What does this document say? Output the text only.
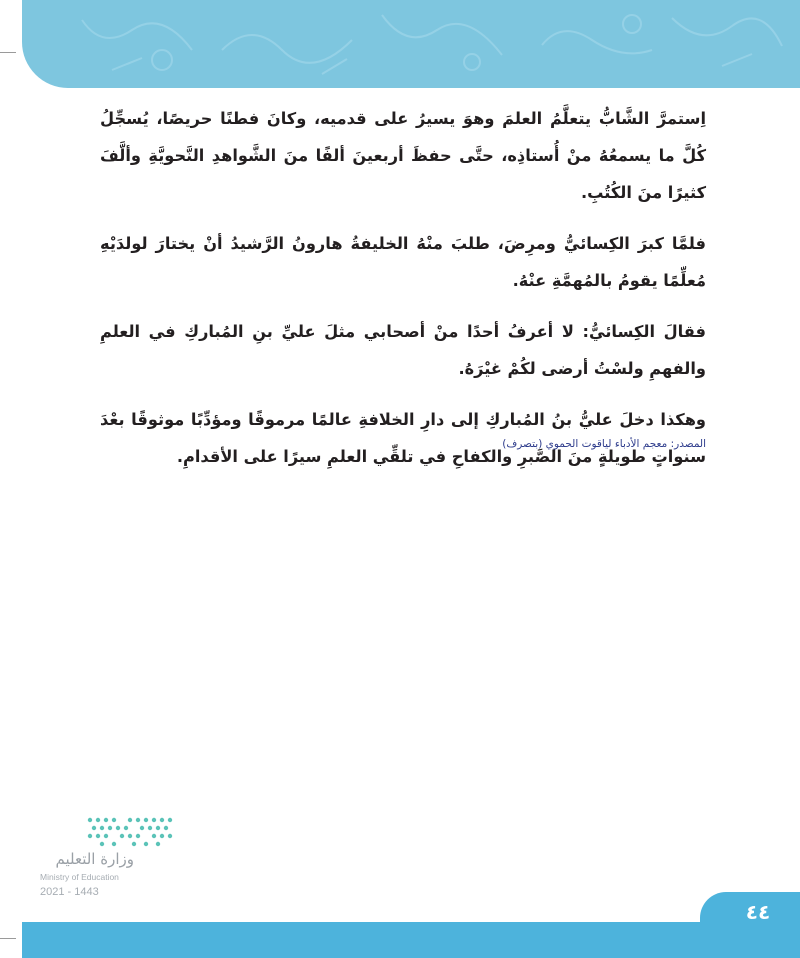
اِستمرَّ الشَّابُّ يتعلَّمُ العلمَ وهوَ يسيرُ على قدميه، وكانَ فطنًا حريصًا، يُسجِّلُ كُلَّ ما يسمعُهُ منْ أُستاذِه، حتَّى حفظَ أربعينَ ألفًا منَ الشَّواهدِ النَّحويَّةِ وألَّفَ كثيرًا منَ الكُتُبِ.

فلمَّا كبرَ الكِسائيُّ ومرِضَ، طلبَ منْهُ الخليفةُ هارونُ الرَّشيدُ أنْ يختارَ لولدَيْهِ مُعلِّمًا يقومُ بالمُهمَّةِ عنْهُ.

فقالَ الكِسائيُّ: لا أعرفُ أحدًا منْ أصحابي مثلَ عليِّ بنِ المُباركِ في العلمِ والفهمِ ولسْتُ أرضى لكُمْ غيْرَهُ.

وهكذا دخلَ عليُّ بنُ المُباركِ إلى دارِ الخلافةِ عالمًا مرموقًا ومؤدِّبًا موثوقًا بعْدَ سنواتٍ طويلةٍ منَ الصَّبرِ والكفاحِ في تلقِّي العلمِ سيرًا على الأقدامِ.

المصدر: معجم الأدباء لياقوت الحموي (بتصرف)
وزارة التعليم
Ministry of Education
2021 - 1443
٤٤
